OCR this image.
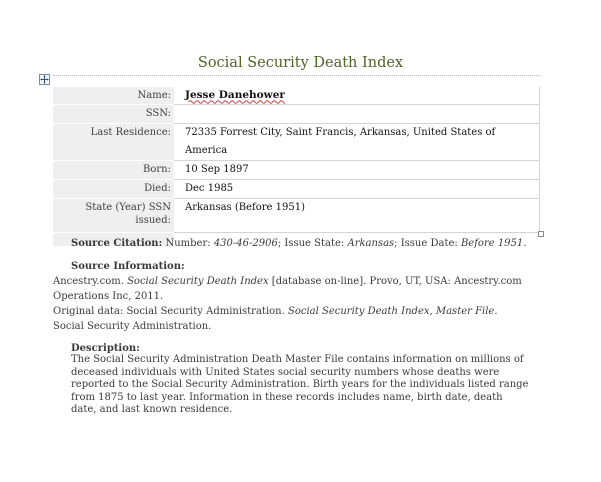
Social Security Death Index
Name:	Jesse Danehower
SSN:	
Last Residence:	72335 Forrest City, Saint Francis, Arkansas, United States of America
Born:	10 Sep 1897
Died:	Dec 1985
State (Year) SSN issued:	Arkansas (Before 1951)

Source Citation: Number: 430-46-2906; Issue State: Arkansas; Issue Date: Before 1951.
Source Information:
Ancestry.com. Social Security Death Index [database on-line]. Provo, UT, USA: Ancestry.com Operations Inc, 2011.
Original data: Social Security Administration. Social Security Death Index, Master File. Social Security Administration.
Description:
The Social Security Administration Death Master File contains information on millions of deceased individuals with United States social security numbers whose deaths were reported to the Social Security Administration. Birth years for the individuals listed range from 1875 to last year. Information in these records includes name, birth date, death date, and last known residence.
